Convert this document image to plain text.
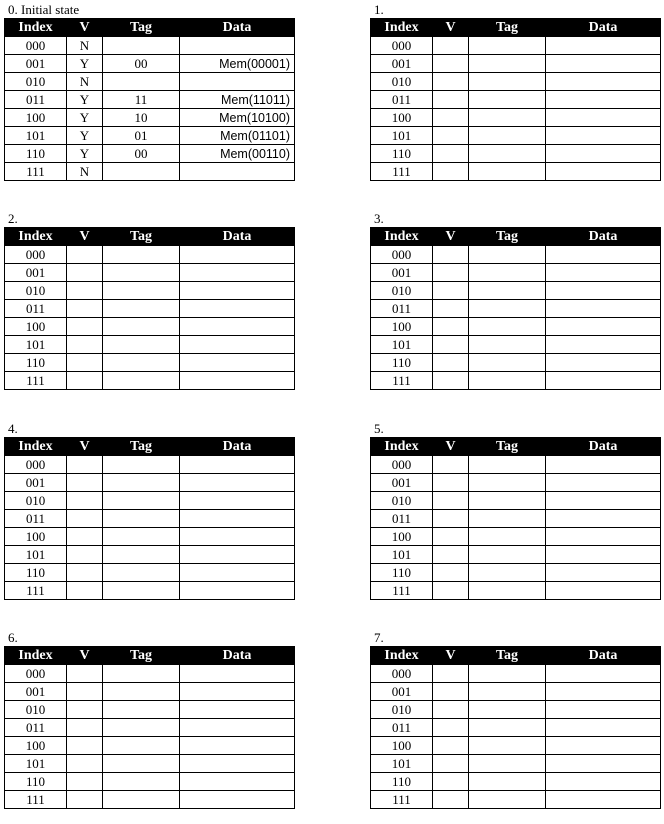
0. Initial state
Index	V	Tag	Data
000	N		
001	Y	00	Mem(00001)
010	N		
011	Y	11	Mem(11011)
100	Y	10	Mem(10100)
101	Y	01	Mem(01101)
110	Y	00	Mem(00110)
111	N		
1.
Index	V	Tag	Data
000			
001			
010			
011			
100			
101			
110			
111			
2.
Index	V	Tag	Data
000			
001			
010			
011			
100			
101			
110			
111			
3.
Index	V	Tag	Data
000			
001			
010			
011			
100			
101			
110			
111			
4.
Index	V	Tag	Data
000			
001			
010			
011			
100			
101			
110			
111			
5.
Index	V	Tag	Data
000			
001			
010			
011			
100			
101			
110			
111			
6.
Index	V	Tag	Data
000			
001			
010			
011			
100			
101			
110			
111			
7.
Index	V	Tag	Data
000			
001			
010			
011			
100			
101			
110			
111			
